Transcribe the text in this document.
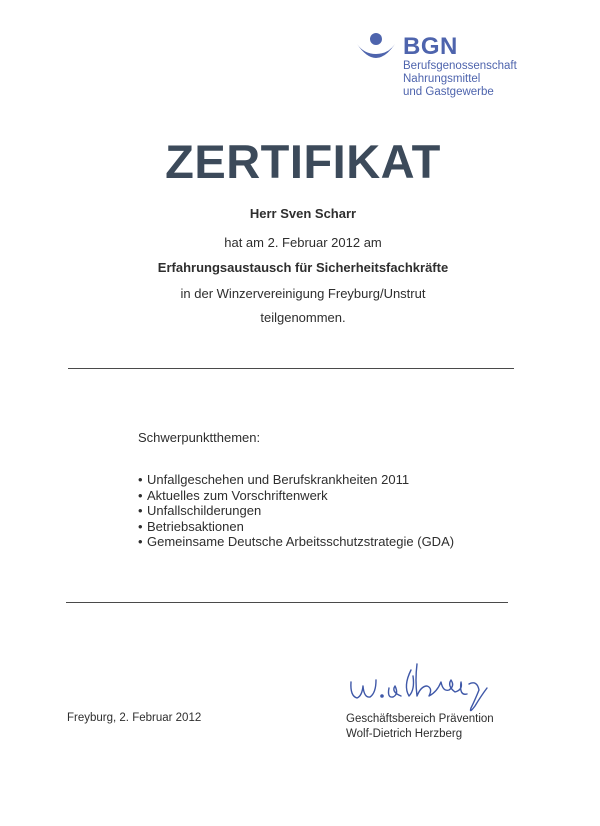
BGN
Berufsgenossenschaft
Nahrungsmittel
und Gastgewerbe
ZERTIFIKAT
Herr Sven Scharr
hat am 2. Februar 2012 am
Erfahrungsaustausch für Sicherheitsfachkräfte
in der Winzervereinigung Freyburg/Unstrut
teilgenommen.
Schwerpunktthemen:
• Unfallgeschehen und Berufskrankheiten 2011
• Aktuelles zum Vorschriftenwerk
• Unfallschilderungen
• Betriebsaktionen
• Gemeinsame Deutsche Arbeitsschutzstrategie (GDA)
Freyburg, 2. Februar 2012	Geschäftsbereich Prävention
Wolf-Dietrich Herzberg
